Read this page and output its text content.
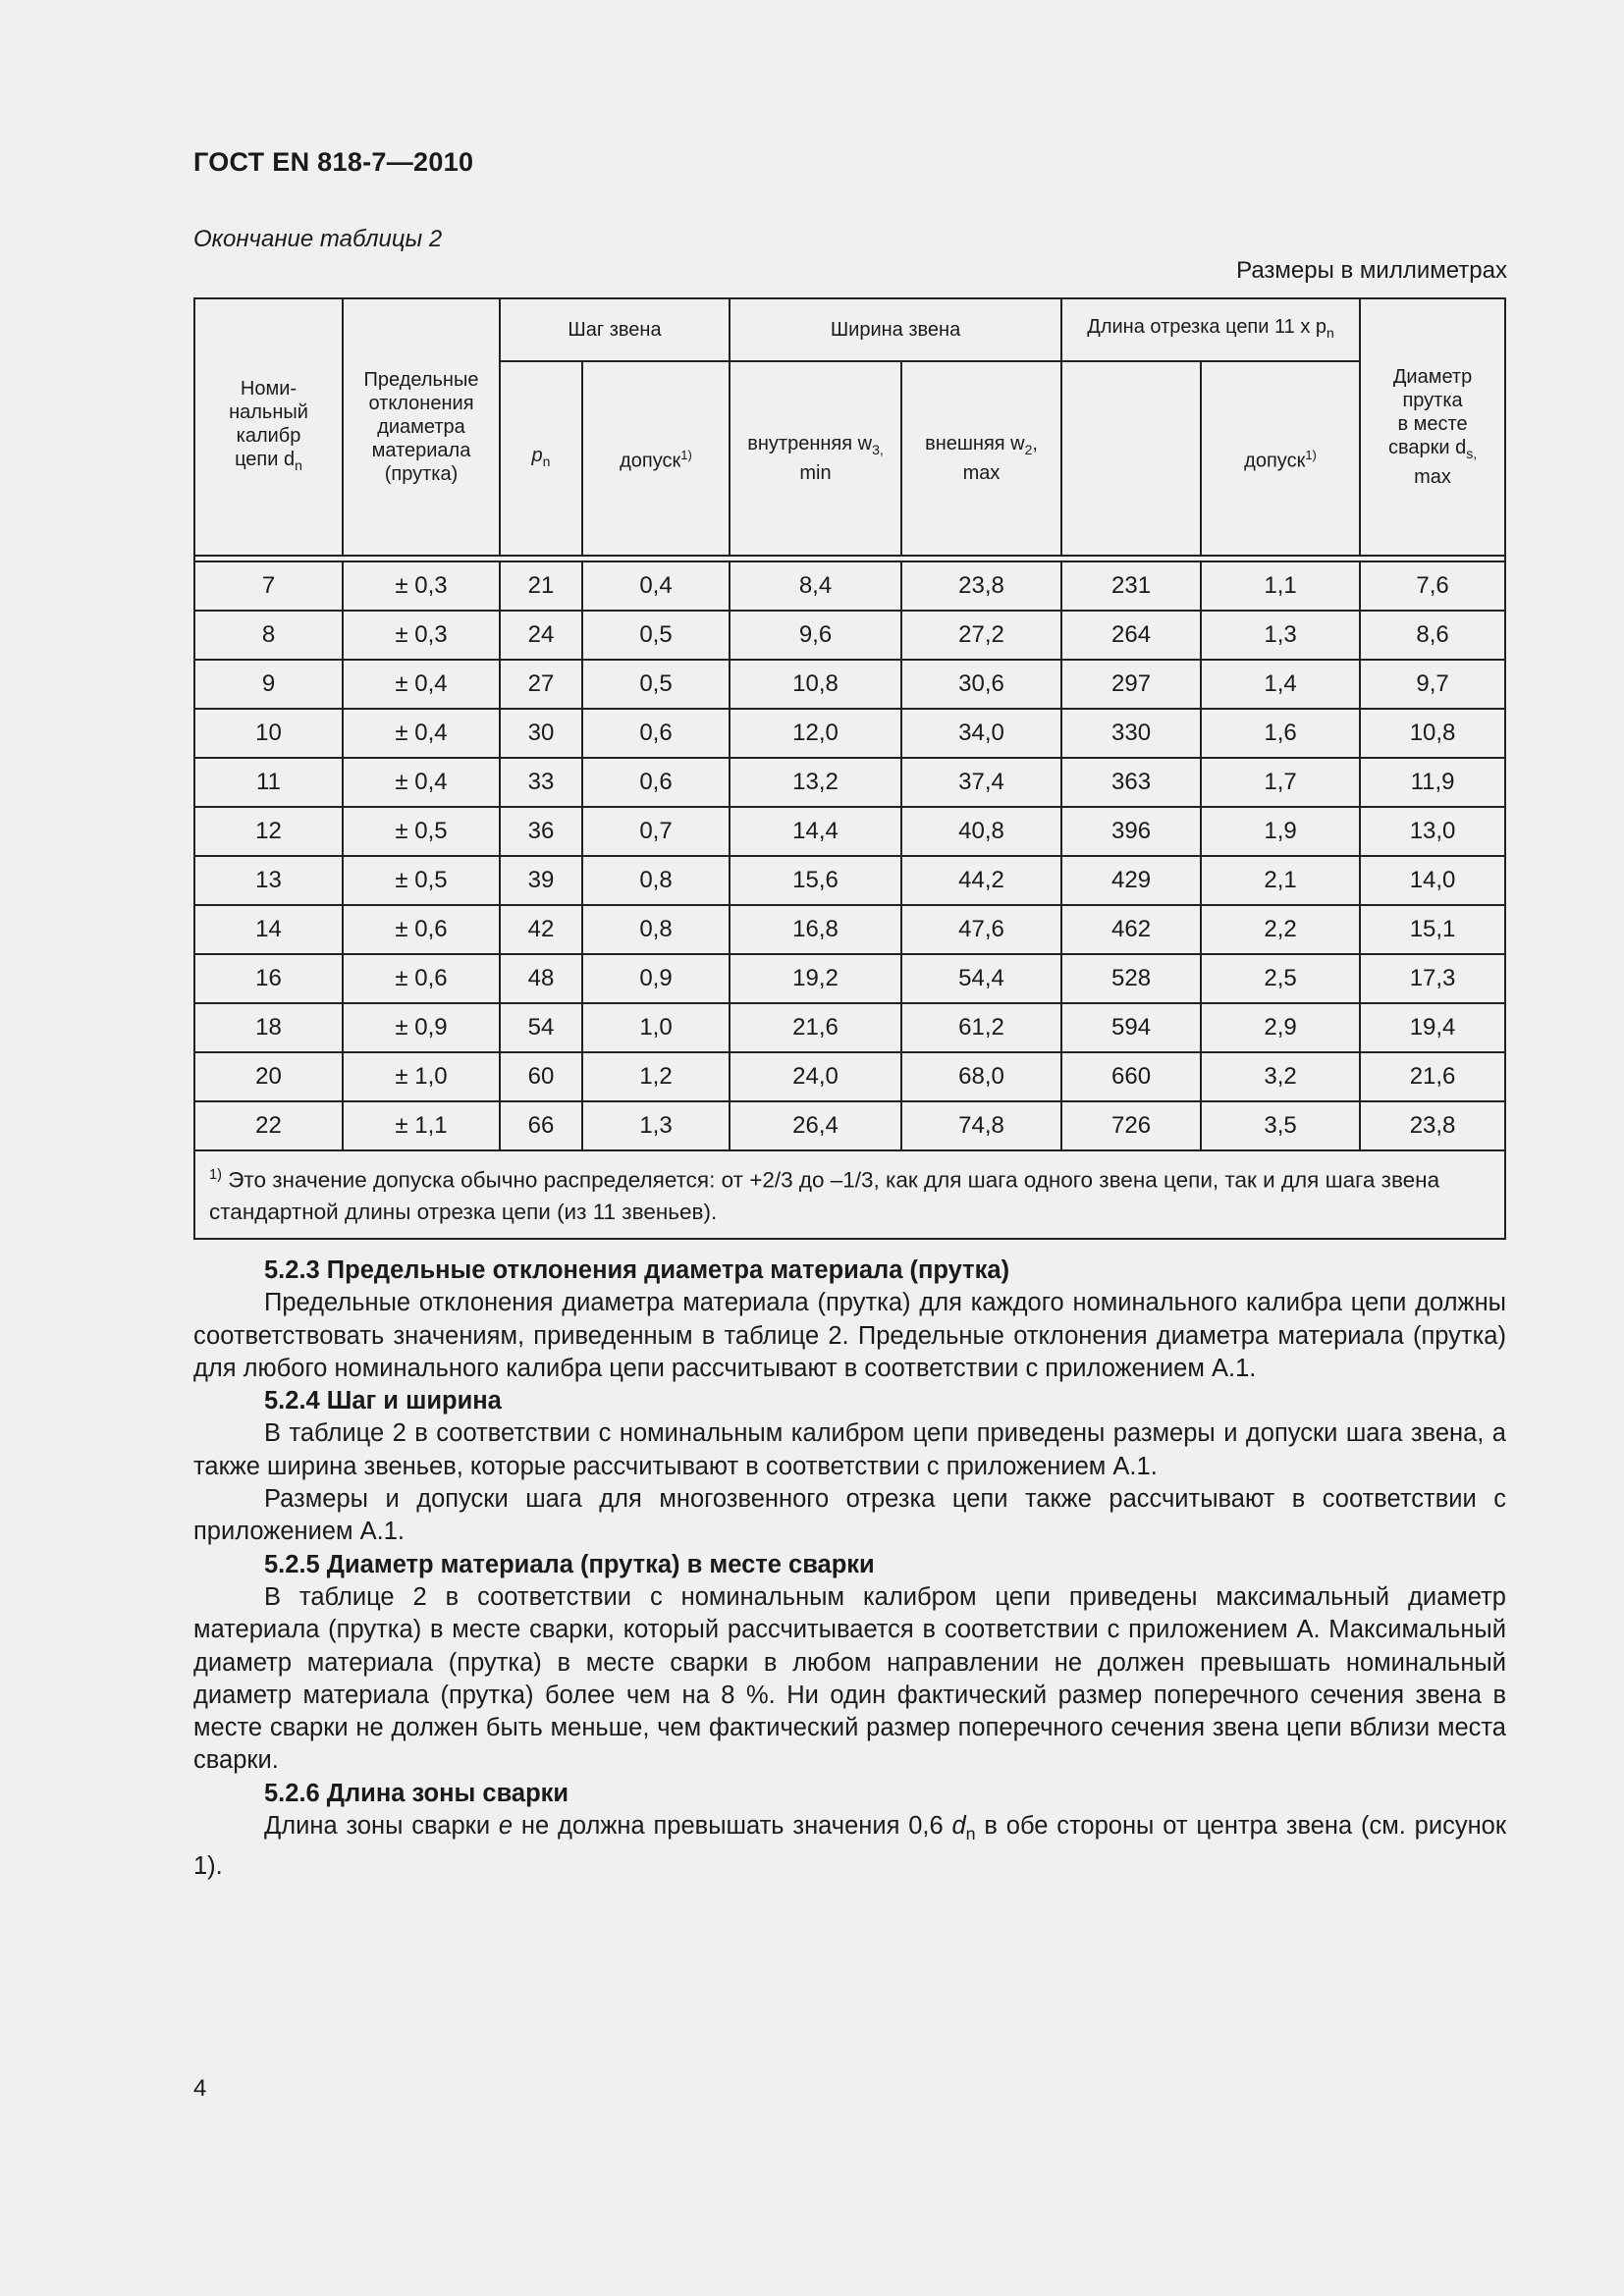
ГОСТ EN 818-7—2010
Окончание таблицы 2
Размеры в миллиметрах
Номи-
нальный
калибр
цепи $d_n$	Предельные
отклонения
диаметра
материала
(прутка)	Шаг звена		Ширина звена		Длина отрезка цепи 11 x $p_n$		Диаметр
прутка
в месте
сварки $d_{s,}$
max
		$p_n$	допуск$^{1)}$	внутренняя $w_{3,}$
min	внешняя $w_2$,
max		допуск$^{1)}$

7	± 0,3	21	0,4	8,4	23,8	231	1,1	7,6
8	± 0,3	24	0,5	9,6	27,2	264	1,3	8,6
9	± 0,4	27	0,5	10,8	30,6	297	1,4	9,7
10	± 0,4	30	0,6	12,0	34,0	330	1,6	10,8
11	± 0,4	33	0,6	13,2	37,4	363	1,7	11,9
12	± 0,5	36	0,7	14,4	40,8	396	1,9	13,0
13	± 0,5	39	0,8	15,6	44,2	429	2,1	14,0
14	± 0,6	42	0,8	16,8	47,6	462	2,2	15,1
16	± 0,6	48	0,9	19,2	54,4	528	2,5	17,3
18	± 0,9	54	1,0	21,6	61,2	594	2,9	19,4
20	± 1,0	60	1,2	24,0	68,0	660	3,2	21,6
22	± 1,1	66	1,3	26,4	74,8	726	3,5	23,8
$^{1)}$ Это значение допуска обычно распределяется: от +2/3 до –1/3, как для шага одного звена цепи, так и для шага звена стандартной длины отрезка цепи (из 11 звеньев).								
5.2.3 Предельные отклонения диаметра материала (прутка)

Предельные отклонения диаметра материала (прутка) для каждого номинального калибра цепи должны соответствовать значениям, приведенным в таблице 2. Предельные отклонения диаметра материала (прутка) для любого номинального калибра цепи рассчитывают в соответствии с приложением А.1.

5.2.4 Шаг и ширина

В таблице 2 в соответствии с номинальным калибром цепи приведены размеры и допуски шага звена, а также ширина звеньев, которые рассчитывают в соответствии с приложением А.1.

Размеры и допуски шага для многозвенного отрезка цепи также рассчитывают в соответствии с приложением А.1.

5.2.5 Диаметр материала (прутка) в месте сварки

В таблице 2 в соответствии с номинальным калибром цепи приведены максимальный диаметр материала (прутка) в месте сварки, который рассчитывается в соответствии с приложением А. Максимальный диаметр материала (прутка) в месте сварки в любом направлении не должен превышать номинальный диаметр материала (прутка) более чем на 8 %. Ни один фактический размер поперечного сечения звена в месте сварки не должен быть меньше, чем фактический размер поперечного сечения звена цепи вблизи места сварки.

5.2.6 Длина зоны сварки

Длина зоны сварки e не должна превышать значения 0,6 $d_n$ в обе стороны от центра звена (см. рисунок 1).

4
